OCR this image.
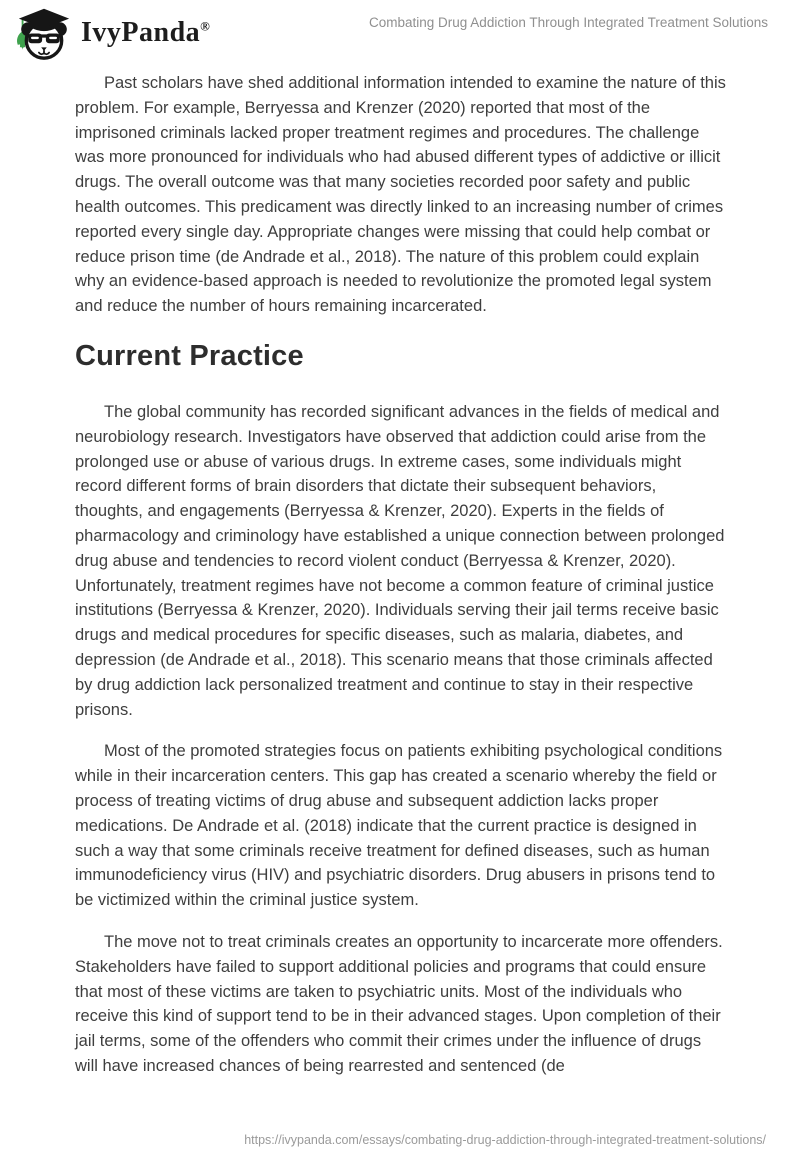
IvyPanda®	Combating Drug Addiction Through Integrated Treatment Solutions

Past scholars have shed additional information intended to examine the nature of this problem. For example, Berryessa and Krenzer (2020) reported that most of the imprisoned criminals lacked proper treatment regimes and procedures. The challenge was more pronounced for individuals who had abused different types of addictive or illicit drugs. The overall outcome was that many societies recorded poor safety and public health outcomes. This predicament was directly linked to an increasing number of crimes reported every single day. Appropriate changes were missing that could help combat or reduce prison time (de Andrade et al., 2018). The nature of this problem could explain why an evidence-based approach is needed to revolutionize the promoted legal system and reduce the number of hours remaining incarcerated.

Current Practice

The global community has recorded significant advances in the fields of medical and neurobiology research. Investigators have observed that addiction could arise from the prolonged use or abuse of various drugs. In extreme cases, some individuals might record different forms of brain disorders that dictate their subsequent behaviors, thoughts, and engagements (Berryessa & Krenzer, 2020). Experts in the fields of pharmacology and criminology have established a unique connection between prolonged drug abuse and tendencies to record violent conduct (Berryessa & Krenzer, 2020). Unfortunately, treatment regimes have not become a common feature of criminal justice institutions (Berryessa & Krenzer, 2020). Individuals serving their jail terms receive basic drugs and medical procedures for specific diseases, such as malaria, diabetes, and depression (de Andrade et al., 2018). This scenario means that those criminals affected by drug addiction lack personalized treatment and continue to stay in their respective prisons.

Most of the promoted strategies focus on patients exhibiting psychological conditions while in their incarceration centers. This gap has created a scenario whereby the field or process of treating victims of drug abuse and subsequent addiction lacks proper medications. De Andrade et al. (2018) indicate that the current practice is designed in such a way that some criminals receive treatment for defined diseases, such as human immunodeficiency virus (HIV) and psychiatric disorders. Drug abusers in prisons tend to be victimized within the criminal justice system.

The move not to treat criminals creates an opportunity to incarcerate more offenders. Stakeholders have failed to support additional policies and programs that could ensure that most of these victims are taken to psychiatric units. Most of the individuals who receive this kind of support tend to be in their advanced stages. Upon completion of their jail terms, some of the offenders who commit their crimes under the influence of drugs will have increased chances of being rearrested and sentenced (de

https://ivypanda.com/essays/combating-drug-addiction-through-integrated-treatment-solutions/
